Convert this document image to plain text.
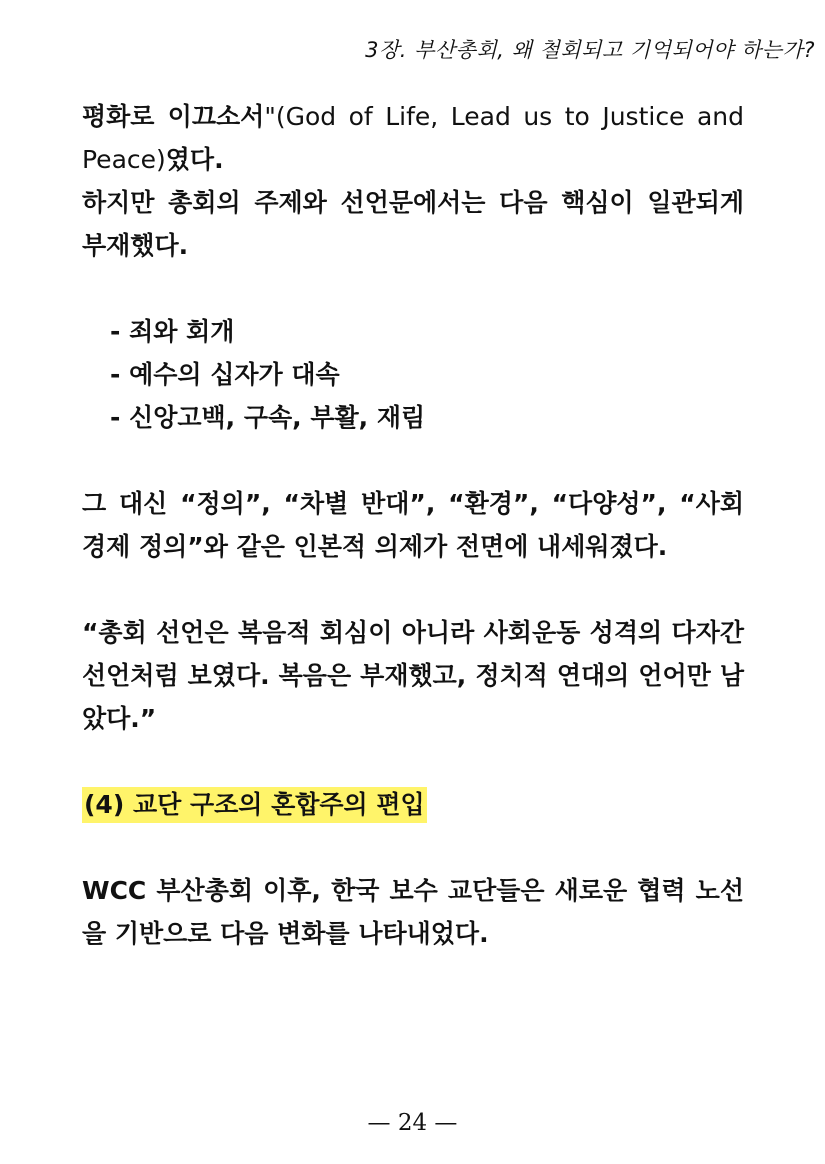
3장. 부산총회, 왜 철회되고 기억되어야 하는가?

평화로 이끄소서"(God of Life, Lead us to Justice and Peace)였다.

하지만 총회의 주제와 선언문에서는 다음 핵심이 일관되게 부재했다.

- 죄와 회개

- 예수의 십자가 대속

- 신앙고백, 구속, 부활, 재림

그 대신 “정의”, “차별 반대”, “환경”, “다양성”, “사회 경제 정의”와 같은 인본적 의제가 전면에 내세워졌다.

“총회 선언은 복음적 회심이 아니라 사회운동 성격의 다자간 선언처럼 보였다. 복음은 부재했고, 정치적 연대의 언어만 남았다.”

(4) 교단 구조의 혼합주의 편입

WCC 부산총회 이후, 한국 보수 교단들은 새로운 협력 노선을 기반으로 다음 변화를 나타내었다.

— 24 —
